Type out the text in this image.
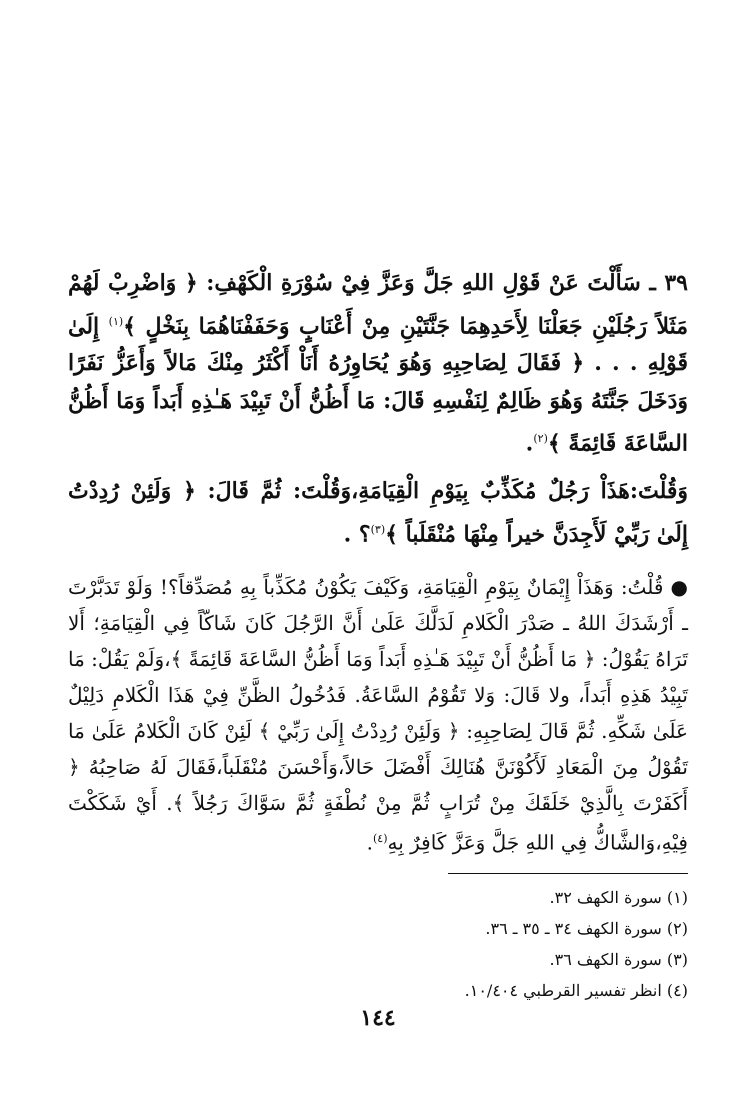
٣٩ ـ سَأَلْتَ عَنْ قَوْلِ اللهِ جَلَّ وَعَزَّ فِيْ سُوْرَةِ الْكَهْفِ: ﴿ وَاضْرِبْ لَهُمْ مَثَلاً رَجُلَيْنِ جَعَلْنَا لِأَحَدِهِمَا جَنَّتَيْنِ مِنْ أَعْنَابٍ وَحَفَفْنَاهُمَا بِنَخْلٍ ﴾$^{(١)}$ إِلَىٰ قَوْلِهِ . . . ﴿ فَقَالَ لِصَاحِبِهِ وَهُوَ يُحَاوِرُهُ أَنَاْ أَكْثَرُ مِنْكَ مَالاً وَأَعَزُّ نَفَرًا وَدَخَلَ جَنَّتَهُ وَهُوَ ظَالِمٌ لِنَفْسِهِ قَالَ: مَا أَظُنُّ أَنْ تَبِيْدَ هَـٰذِهِ أَبَداً وَمَا أَظُنُّ السَّاعَةَ قَائِمَةً ﴾$^{(٢)}$.

وَقُلْتَ:هَذَاْ رَجُلٌ مُكَذِّبٌ بِيَوْمِ الْقِيَامَةِ،وَقُلْتَ: ثُمَّ قَالَ: ﴿ وَلَئِنْ رُدِدْتُ إِلَىٰ رَبِّيْ لَأَجِدَنَّ خيراً مِنْهَا مُنْقَلَباً ﴾$^{(٣)}$؟ .

● قُلْتُ: وَهَذَاْ إِيْمَانٌ بِيَوْمِ الْقِيَامَةِ، وَكَيْفَ يَكُوْنُ مُكَذِّباً بِهِ مُصَدِّقاً؟! وَلَوْ تَدَبَّرْتَ ـ أَرْشَدَكَ اللهُ ـ صَدْرَ الْكَلامِ لَدَلَّكَ عَلَىٰ أَنَّ الرَّجُلَ كَانَ شَاكّاً فِي الْقِيَامَةِ؛ أَلا تَرَاهُ يَقُوْلُ: ﴿ مَا أَظُنُّ أَنْ تَبِيْدَ هَـٰذِهِ أَبَداً وَمَا أَظُنُّ السَّاعَةَ قَائِمَةً ﴾،وَلَمْ يَقُلْ: مَا تَبِيْدُ هَذِهِ أَبَداً، ولا قَالَ: وَلا تَقُوْمُ السَّاعَةُ. فَدُخُولُ الظَّنِّ فِيْ هَذَا الْكَلامِ دَلِيْلٌ عَلَىٰ شَكِّهِ. ثُمَّ قَالَ لِصَاحِبِهِ: ﴿ وَلَئِنْ رُدِدْتُ إِلَىٰ رَبِّيْ ﴾ لَئِنْ كَانَ الْكَلامُ عَلَىٰ مَا تَقُوْلُ مِنَ الْمَعَادِ لَأَكُوْنَنَّ هُنَالِكَ أَفْضَلَ حَالاً،وَأَحْسَنَ مُنْقَلَباً،فَقَالَ لَهُ صَاحِبُهُ ﴿ أَكَفَرْتَ بِالَّذِيْ خَلَقَكَ مِنْ تُرَابٍ ثُمَّ مِنْ نُطْفَةٍ ثُمَّ سَوَّاكَ رَجُلاً ﴾. أَيْ شَكَكْتَ فِيْهِ،وَالشَّاكُّ فِي اللهِ جَلَّ وَعَزَّ كَافِرٌ بِهِ$^{(٤)}$.

(١) سورة الكهف ٣٢.
(٢) سورة الكهف ٣٤ ـ ٣٥ ـ ٣٦.
(٣) سورة الكهف ٣٦.
(٤) انظر تفسير القرطبي ١٠/٤٠٤.
١٤٤
